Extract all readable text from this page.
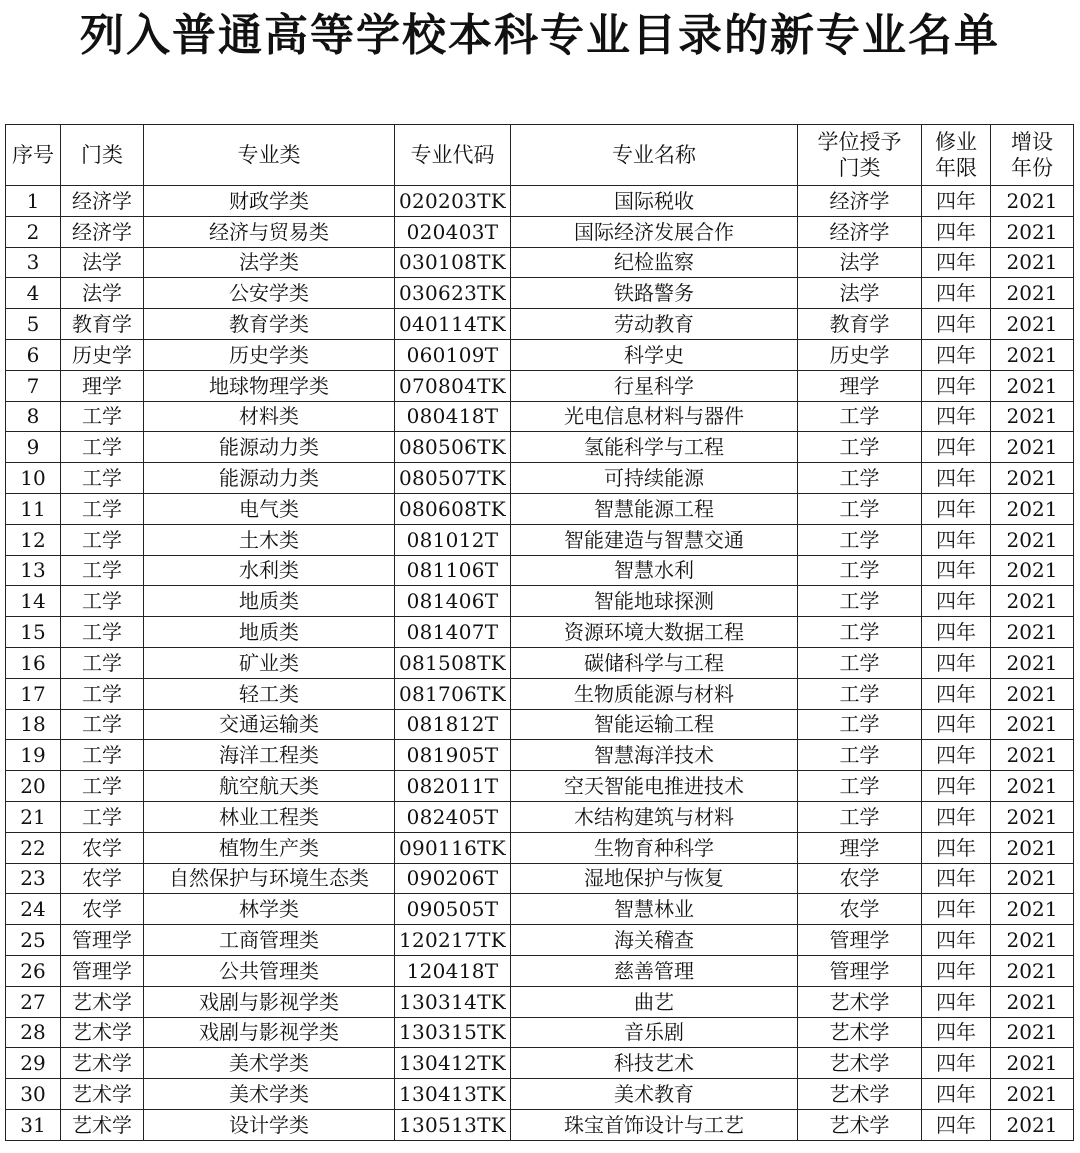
列入普通高等学校本科专业目录的新专业名单
序号	门类	专业类	专业代码	专业名称	学位授予门类	修业年限	增设年份
1	经济学	财政学类	020203TK	国际税收	经济学	四年	2021
2	经济学	经济与贸易类	020403T	国际经济发展合作	经济学	四年	2021
3	法学	法学类	030108TK	纪检监察	法学	四年	2021
4	法学	公安学类	030623TK	铁路警务	法学	四年	2021
5	教育学	教育学类	040114TK	劳动教育	教育学	四年	2021
6	历史学	历史学类	060109T	科学史	历史学	四年	2021
7	理学	地球物理学类	070804TK	行星科学	理学	四年	2021
8	工学	材料类	080418T	光电信息材料与器件	工学	四年	2021
9	工学	能源动力类	080506TK	氢能科学与工程	工学	四年	2021
10	工学	能源动力类	080507TK	可持续能源	工学	四年	2021
11	工学	电气类	080608TK	智慧能源工程	工学	四年	2021
12	工学	土木类	081012T	智能建造与智慧交通	工学	四年	2021
13	工学	水利类	081106T	智慧水利	工学	四年	2021
14	工学	地质类	081406T	智能地球探测	工学	四年	2021
15	工学	地质类	081407T	资源环境大数据工程	工学	四年	2021
16	工学	矿业类	081508TK	碳储科学与工程	工学	四年	2021
17	工学	轻工类	081706TK	生物质能源与材料	工学	四年	2021
18	工学	交通运输类	081812T	智能运输工程	工学	四年	2021
19	工学	海洋工程类	081905T	智慧海洋技术	工学	四年	2021
20	工学	航空航天类	082011T	空天智能电推进技术	工学	四年	2021
21	工学	林业工程类	082405T	木结构建筑与材料	工学	四年	2021
22	农学	植物生产类	090116TK	生物育种科学	理学	四年	2021
23	农学	自然保护与环境生态类	090206T	湿地保护与恢复	农学	四年	2021
24	农学	林学类	090505T	智慧林业	农学	四年	2021
25	管理学	工商管理类	120217TK	海关稽查	管理学	四年	2021
26	管理学	公共管理类	120418T	慈善管理	管理学	四年	2021
27	艺术学	戏剧与影视学类	130314TK	曲艺	艺术学	四年	2021
28	艺术学	戏剧与影视学类	130315TK	音乐剧	艺术学	四年	2021
29	艺术学	美术学类	130412TK	科技艺术	艺术学	四年	2021
30	艺术学	美术学类	130413TK	美术教育	艺术学	四年	2021
31	艺术学	设计学类	130513TK	珠宝首饰设计与工艺	艺术学	四年	2021
